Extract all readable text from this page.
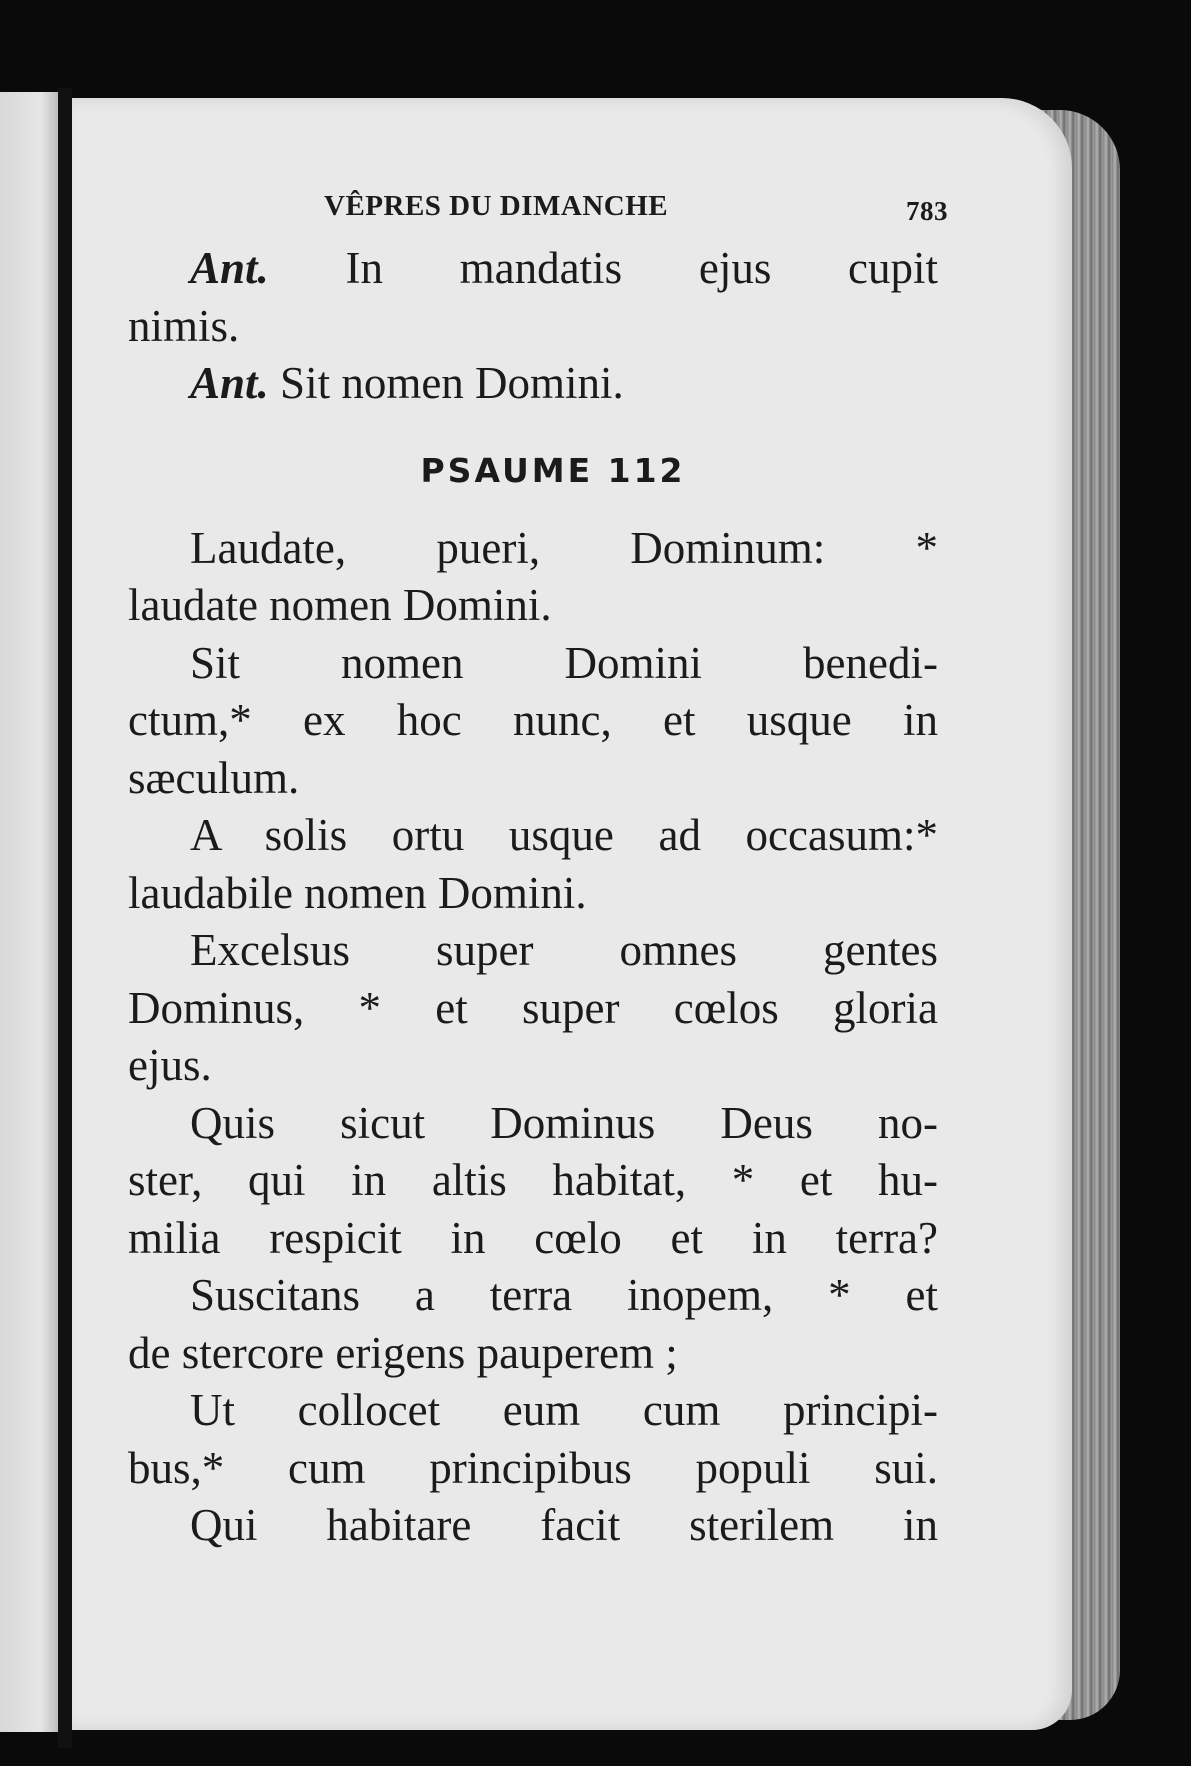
VÊPRES DU DIMANCHE	783
Ant. In mandatis ejus cupit
nimis.
Ant. Sit nomen Domini.
PSAUME 112
Laudate, pueri, Dominum: *
laudate nomen Domini.
Sit nomen Domini benedi-
ctum,* ex hoc nunc, et usque in
sæculum.
A solis ortu usque ad occasum:*
laudabile nomen Domini.
Excelsus super omnes gentes
Dominus, * et super cœlos gloria
ejus.
Quis sicut Dominus Deus no-
ster, qui in altis habitat, * et hu-
milia respicit in cœlo et in terra?
Suscitans a terra inopem, * et
de stercore erigens pauperem ;
Ut collocet eum cum principi-
bus,* cum principibus populi sui.
Qui habitare facit sterilem in
